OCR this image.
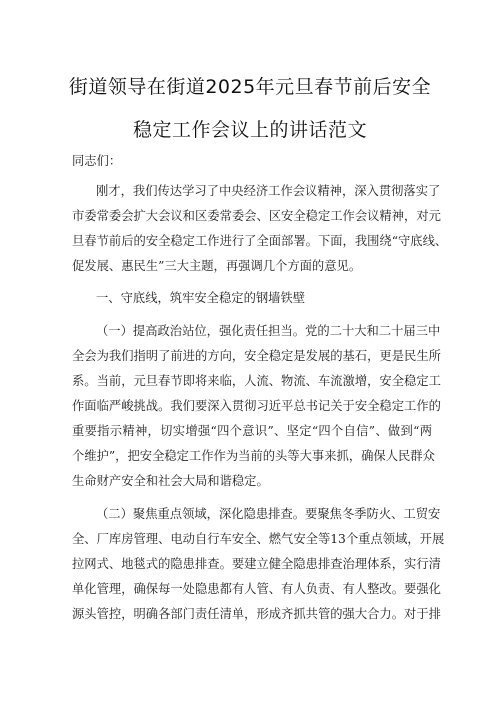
街道领导在街道2025年元旦春节前后安全
稳定工作会议上的讲话范文
同志们：
刚才，我们传达学习了中央经济工作会议精神，深入贯彻落实了
市委常委会扩大会议和区委常委会、区安全稳定工作会议精神，对元
旦春节前后的安全稳定工作进行了全面部署。下面，我围绕“守底线、
促发展、惠民生”三大主题，再强调几个方面的意见。
一、守底线，筑牢安全稳定的钢墙铁壁
（一）提高政治站位，强化责任担当。党的二十大和二十届三中
全会为我们指明了前进的方向，安全稳定是发展的基石，更是民生所
系。当前，元旦春节即将来临，人流、物流、车流激增，安全稳定工
作面临严峻挑战。我们要深入贯彻习近平总书记关于安全稳定工作的
重要指示精神，切实增强“四个意识”、坚定“四个自信”、做到“两
个维护”，把安全稳定工作作为当前的头等大事来抓，确保人民群众
生命财产安全和社会大局和谐稳定。
（二）聚焦重点领域，深化隐患排查。要聚焦冬季防火、工贸安
全、厂库房管理、电动自行车安全、燃气安全等13个重点领域，开展
拉网式、地毯式的隐患排查。要建立健全隐患排查治理体系，实行清
单化管理，确保每一处隐患都有人管、有人负责、有人整改。要强化
源头管控，明确各部门责任清单，形成齐抓共管的强大合力。对于排
